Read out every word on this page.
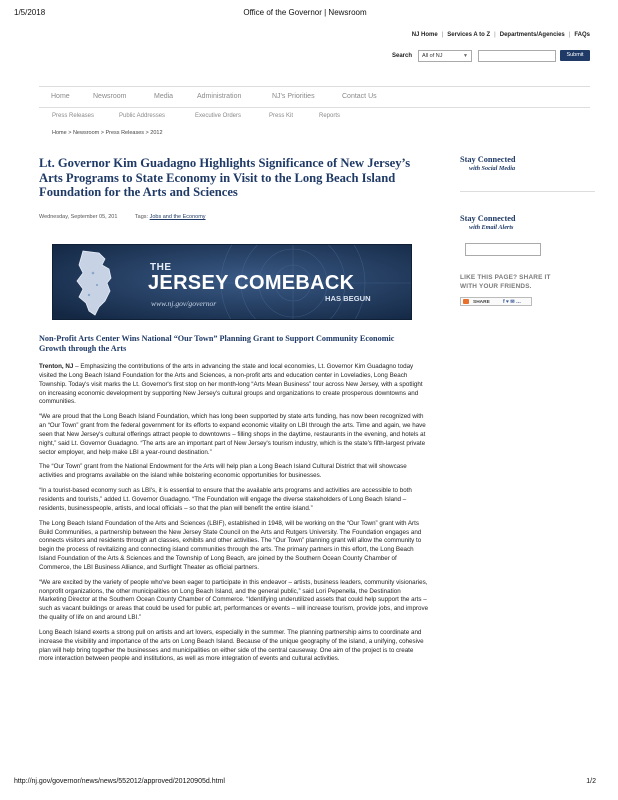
1/5/2018	Office of the Governor | Newsroom
NJ Home | Services A to Z | Departments/Agencies | FAQs
Search	All of NJ	▼	Submit
Home	Newsroom	Media	Administration	NJ's Priorities	Contact Us
Press Releases	Public Addresses	Executive Orders	Press Kit	Reports
Home > Newsroom > Press Releases > 2012
Lt. Governor Kim Guadagno Highlights Significance of New Jersey’s Arts Programs to State Economy in Visit to the Long Beach Island Foundation for the Arts and Sciences
Wednesday, September 05, 201	Tags: Jobs and the Economy
THE
JERSEY COMEBACK
HAS BEGUN
www.nj.gov/governor
Non-Profit Arts Center Wins National “Our Town” Planning Grant to Support Community Economic Growth through the Arts

Trenton, NJ – Emphasizing the contributions of the arts in advancing the state and local economies, Lt. Governor Kim Guadagno today visited the Long Beach Island Foundation for the Arts and Sciences, a non-profit arts and education center in Loveladies, Long Beach Township. Today's visit marks the Lt. Governor's first stop on her month-long “Arts Mean Business” tour across New Jersey, with a spotlight on increasing economic development by supporting New Jersey's cultural groups and organizations to create prosperous downtowns and communities.

“We are proud that the Long Beach Island Foundation, which has long been supported by state arts funding, has now been recognized with an “Our Town” grant from the federal government for its efforts to expand economic vitality on LBI through the arts. Time and again, we have seen that New Jersey's cultural offerings attract people to downtowns – filling shops in the daytime, restaurants in the evening, and hotels at night,” said Lt. Governor Guadagno. “The arts are an important part of New Jersey's tourism industry, which is the state's fifth-largest private sector employer, and help make LBI a year-round destination.”

The “Our Town” grant from the National Endowment for the Arts will help plan a Long Beach Island Cultural District that will showcase activities and programs available on the island while bolstering economic opportunities for businesses.

“In a tourist-based economy such as LBI's, it is essential to ensure that the available arts programs and activities are accessible to both residents and tourists,” added Lt. Governor Guadagno. “The Foundation will engage the diverse stakeholders of Long Beach Island – residents, businesspeople, artists, and local officials – so that the plan will benefit the entire island.”

The Long Beach Island Foundation of the Arts and Sciences (LBIF), established in 1948, will be working on the “Our Town” grant with Arts Build Communities, a partnership between the New Jersey State Council on the Arts and Rutgers University. The Foundation engages and connects visitors and residents through art classes, exhibits and other activities. The “Our Town” planning grant will allow the community to begin the process of revitalizing and connecting island communities through the arts. The primary partners in this effort, the Long Beach Island Foundation of the Arts & Sciences and the Township of Long Beach, are joined by the Southern Ocean County Chamber of Commerce, the LBI Business Alliance, and Surflight Theater as official partners.

“We are excited by the variety of people who've been eager to participate in this endeavor – artists, business leaders, community visionaries, nonprofit organizations, the other municipalities on Long Beach Island, and the general public,” said Lori Pepenella, the Destination Marketing Director at the Southern Ocean County Chamber of Commerce. “Identifying underutilized assets that could help support the arts – such as vacant buildings or areas that could be used for public art, performances or events – will increase tourism, provide jobs, and improve the quality of life on and around LBI.”

Long Beach Island exerts a strong pull on artists and art lovers, especially in the summer. The planning partnership aims to coordinate and increase the visibility and importance of the arts on Long Beach Island. Because of the unique geography of the island, a unifying, cohesive plan will help bring together the businesses and municipalities on either side of the central causeway. One aim of the project is to create more interaction between people and institutions, as well as more integration of events and cultural activities.

Stay Connected
with Social Media
Stay Connected
with Email Alerts
LIKE THIS PAGE? SHARE IT
WITH YOUR FRIENDS.
SHARE	f ♥ ✉ …
http://nj.gov/governor/news/news/552012/approved/20120905d.html	1/2
